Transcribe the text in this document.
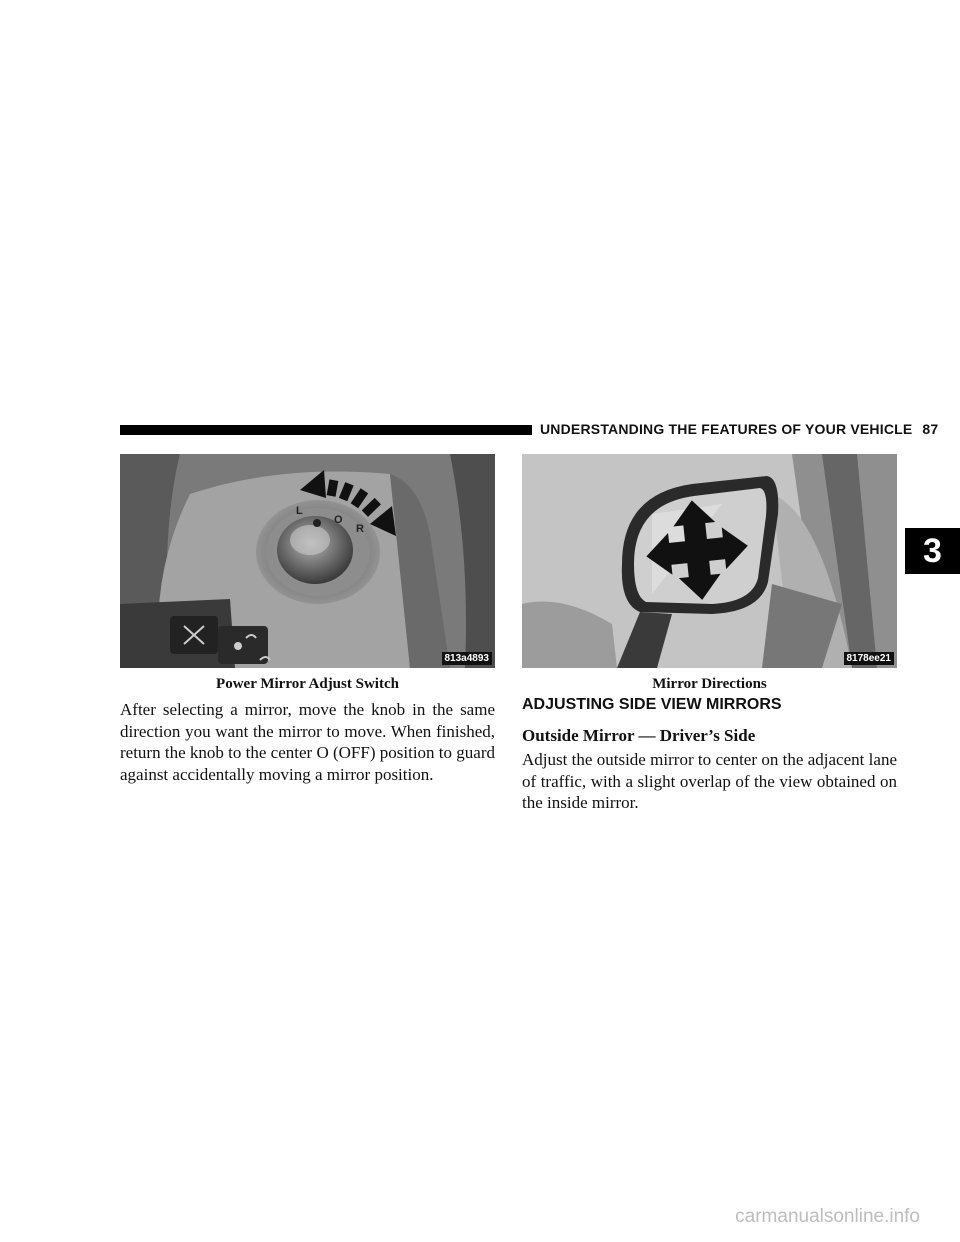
UNDERSTANDING THE FEATURES OF YOUR VEHICLE 87
3
L
O
R
813a4893
Power Mirror Adjust Switch
8178ee21
Mirror Directions

After selecting a mirror, move the knob in the same direction you want the mirror to move. When finished, return the knob to the center O (OFF) position to guard against accidentally moving a mirror position.

ADJUSTING SIDE VIEW MIRRORS
Outside Mirror — Driver’s Side

Adjust the outside mirror to center on the adjacent lane of traffic, with a slight overlap of the view obtained on the inside mirror.

carmanualsonline.info
